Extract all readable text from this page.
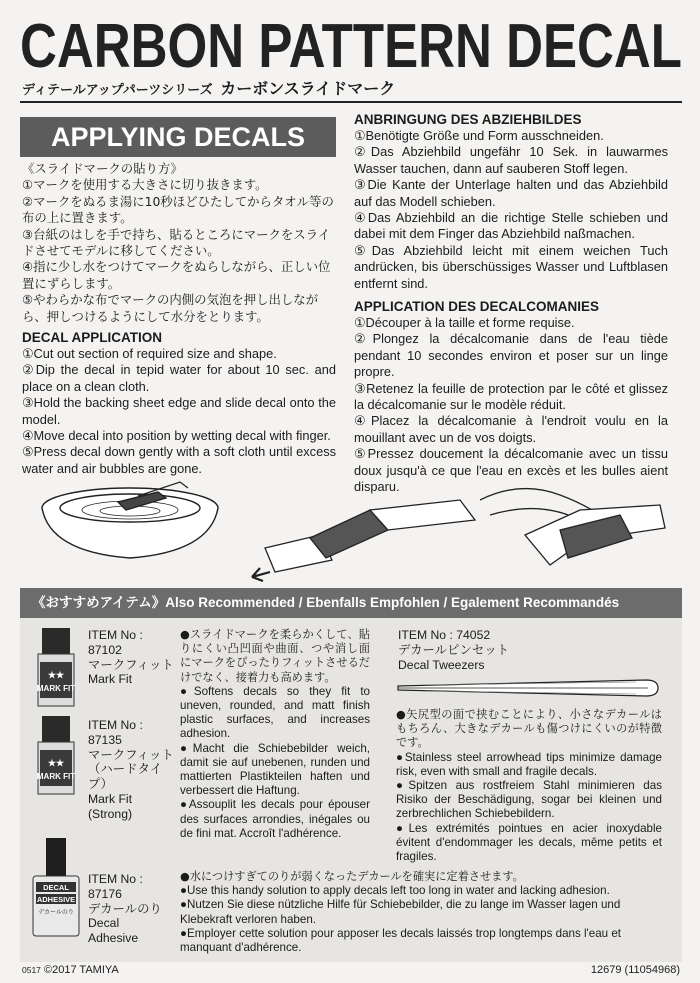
CARBON PATTERN DECAL
ディテールアップパーツシリーズ カーボンスライドマーク
APPLYING DECALS

《スライドマークの貼り方》

①マークを使用する大きさに切り抜きます。

②マークをぬるま湯に10秒ほどひたしてからタオル等の布の上に置きます。

③台紙のはしを手で持ち、貼るところにマークをスライドさせてモデルに移してください。

④指に少し水をつけてマークをぬらしながら、正しい位置にずらします。

⑤やわらかな布でマークの内側の気泡を押し出しながら、押しつけるようにして水分をとります。

DECAL APPLICATION

①Cut out section of required size and shape.

②Dip the decal in tepid water for about 10 sec. and place on a clean cloth.

③Hold the backing sheet edge and slide decal onto the model.

④Move decal into position by wetting decal with finger.

⑤Press decal down gently with a soft cloth until excess water and air bubbles are gone.

ANBRINGUNG DES ABZIEHBILDES

①Benötigte Größe und Form ausschneiden.

②Das Abziehbild ungefähr 10 Sek. in lauwarmes Wasser tauchen, dann auf sauberen Stoff legen.

③Die Kante der Unterlage halten und das Abziehbild auf das Modell schieben.

④Das Abziehbild an die richtige Stelle schieben und dabei mit dem Finger das Abziehbild naßmachen.

⑤Das Abziehbild leicht mit einem weichen Tuch andrücken, bis überschüssiges Wasser und Luftblasen entfernt sind.

APPLICATION DES DECALCOMANIES

①Découper à la taille et forme requise.

②Plongez la décalcomanie dans de l'eau tiède pendant 10 secondes environ et poser sur un linge propre.

③Retenez la feuille de protection par le côté et glissez la décalcomanie sur le modèle réduit.

④Placez la décalcomanie à l'endroit voulu en la mouillant avec un de vos doigts.

⑤Pressez doucement la décalcomanie avec un tissu doux jusqu'à ce que l'eau en excès et les bulles aient disparu.

《おすすめアイテム》Also Recommended / Ebenfalls Empfohlen / Egalement Recommandés
★★
MARK FIT

ITEM No : 87102

マークフィット

Mark Fit

★★
MARK FIT

ITEM No : 87135

マークフィット

（ハードタイプ）

Mark Fit

(Strong)

●スライドマークを柔らかくして、貼りにくい凸凹面や曲面、つや消し面にマークをぴったりフィットさせるだけでなく、接着力も高めます。

●Softens decals so they fit to uneven, rounded, and matt finish plastic surfaces, and increases adhesion.

●Macht die Schiebebilder weich, damit sie auf unebenen, runden und mattierten Plastikteilen haften und verbessert die Haftung.

●Assouplit les decals pour épouser des surfaces arrondies, inégales ou de fini mat. Accroît l'adhérence.

ITEM No : 74052

デカールピンセット

Decal Tweezers

●矢尻型の面で挟むことにより、小さなデカールはもちろん、大きなデカールも傷つけにくいのが特徴です。

●Stainless steel arrowhead tips minimize damage risk, even with small and fragile decals.

●Spitzen aus rostfreiem Stahl minimieren das Risiko der Beschädigung, sogar bei kleinen und zerbrechlichen Schiebebildern.

●Les extrémités pointues en acier inoxydable évitent d'endommager les decals, même petits et fragiles.

DECAL
ADHESIVE
デカールのり

ITEM No : 87176

デカールのり

Decal

Adhesive

●水につけすぎてのりが弱くなったデカールを確実に定着させます。

●Use this handy solution to apply decals left too long in water and lacking adhesion.

●Nutzen Sie diese nützliche Hilfe für Schiebebilder, die zu lange im Wasser lagen und Klebekraft verloren haben.

●Employer cette solution pour apposer les decals laissés trop longtemps dans l'eau et manquant d'adhérence.

0517 ©2017 TAMIYA	12679 (11054968)
